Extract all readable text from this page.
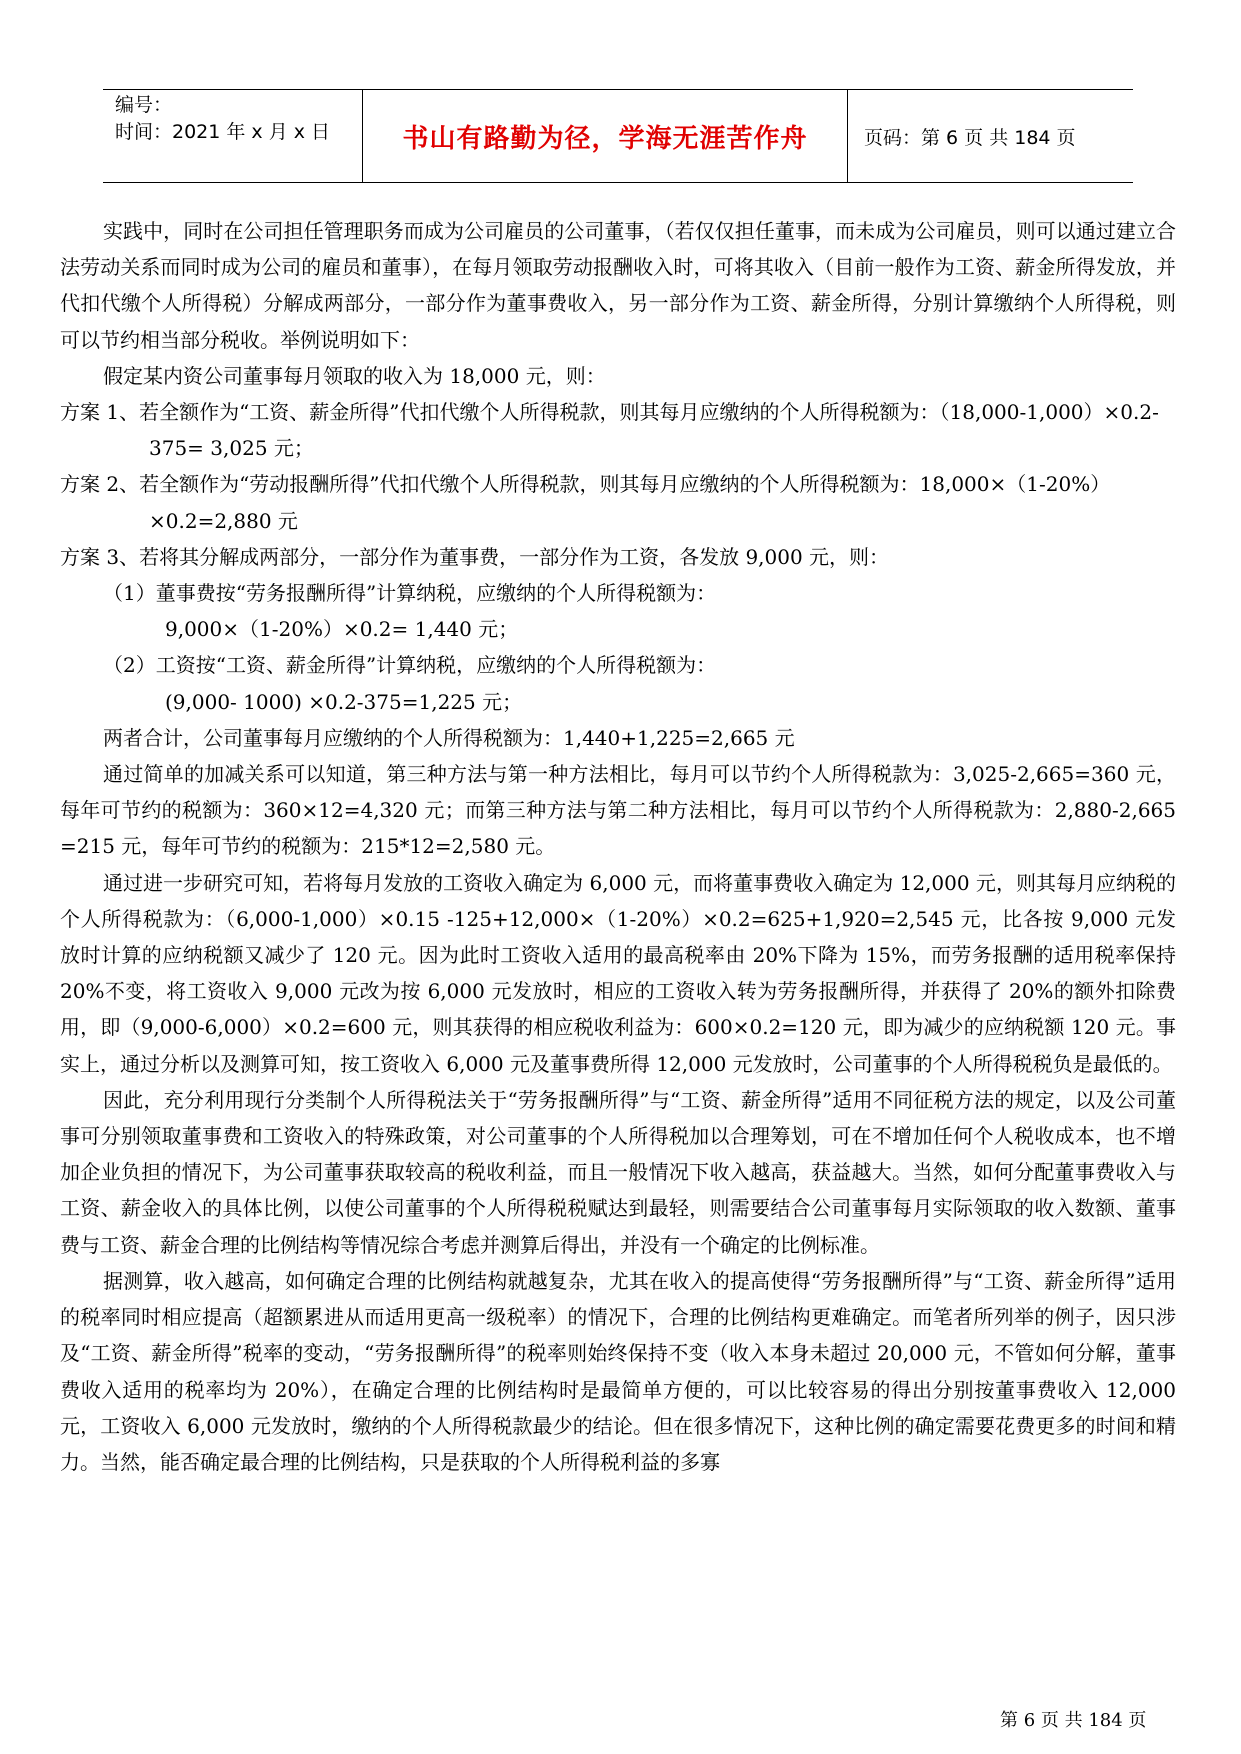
编号：
时间：2021 年 x 月 x 日	书山有路勤为径，学海无涯苦作舟	页码：第 6 页 共 184 页

实践中，同时在公司担任管理职务而成为公司雇员的公司董事，（若仅仅担任董事，而未成为公司雇员，则可以通过建立合法劳动关系而同时成为公司的雇员和董事），在每月领取劳动报酬收入时，可将其收入（目前一般作为工资、薪金所得发放，并代扣代缴个人所得税）分解成两部分，一部分作为董事费收入，另一部分作为工资、薪金所得，分别计算缴纳个人所得税，则可以节约相当部分税收。举例说明如下：

假定某内资公司董事每月领取的收入为 18,000 元，则：

方案 1、若全额作为“工资、薪金所得”代扣代缴个人所得税款，则其每月应缴纳的个人所得税额为：（18,000-1,000）×0.2-375= 3,025 元；

方案 2、若全额作为“劳动报酬所得”代扣代缴个人所得税款，则其每月应缴纳的个人所得税额为：18,000×（1-20%）×0.2=2,880 元

方案 3、若将其分解成两部分，一部分作为董事费，一部分作为工资，各发放 9,000 元，则：

（1）董事费按“劳务报酬所得”计算纳税，应缴纳的个人所得税额为：

9,000×（1-20%）×0.2= 1,440 元；

（2）工资按“工资、薪金所得”计算纳税，应缴纳的个人所得税额为：

(9,000- 1000) ×0.2-375=1,225 元；

两者合计，公司董事每月应缴纳的个人所得税额为：1,440+1,225=2,665 元

通过简单的加减关系可以知道，第三种方法与第一种方法相比，每月可以节约个人所得税款为：3,025-2,665=360 元，每年可节约的税额为：360×12=4,320 元；而第三种方法与第二种方法相比，每月可以节约个人所得税款为：2,880-2,665 =215 元，每年可节约的税额为：215*12=2,580 元。

通过进一步研究可知，若将每月发放的工资收入确定为 6,000 元，而将董事费收入确定为 12,000 元，则其每月应纳税的个人所得税款为：（6,000-1,000）×0.15 -125+12,000×（1-20%）×0.2=625+1,920=2,545 元，比各按 9,000 元发放时计算的应纳税额又减少了 120 元。因为此时工资收入适用的最高税率由 20%下降为 15%，而劳务报酬的适用税率保持 20%不变，将工资收入 9,000 元改为按 6,000 元发放时，相应的工资收入转为劳务报酬所得，并获得了 20%的额外扣除费用，即（9,000-6,000）×0.2=600 元，则其获得的相应税收利益为：600×0.2=120 元，即为减少的应纳税额 120 元。事实上，通过分析以及测算可知，按工资收入 6,000 元及董事费所得 12,000 元发放时，公司董事的个人所得税税负是最低的。

因此，充分利用现行分类制个人所得税法关于“劳务报酬所得”与“工资、薪金所得”适用不同征税方法的规定，以及公司董事可分别领取董事费和工资收入的特殊政策，对公司董事的个人所得税加以合理筹划，可在不增加任何个人税收成本，也不增加企业负担的情况下，为公司董事获取较高的税收利益，而且一般情况下收入越高，获益越大。当然，如何分配董事费收入与工资、薪金收入的具体比例，以使公司董事的个人所得税税赋达到最轻，则需要结合公司董事每月实际领取的收入数额、董事费与工资、薪金合理的比例结构等情况综合考虑并测算后得出，并没有一个确定的比例标准。

据测算，收入越高，如何确定合理的比例结构就越复杂，尤其在收入的提高使得“劳务报酬所得”与“工资、薪金所得”适用的税率同时相应提高（超额累进从而适用更高一级税率）的情况下，合理的比例结构更难确定。而笔者所列举的例子，因只涉及“工资、薪金所得”税率的变动，“劳务报酬所得”的税率则始终保持不变（收入本身未超过 20,000 元，不管如何分解，董事费收入适用的税率均为 20%），在确定合理的比例结构时是最简单方便的，可以比较容易的得出分别按董事费收入 12,000 元，工资收入 6,000 元发放时，缴纳的个人所得税款最少的结论。但在很多情况下，这种比例的确定需要花费更多的时间和精力。当然，能否确定最合理的比例结构，只是获取的个人所得税利益的多寡

第 6 页 共 184 页
